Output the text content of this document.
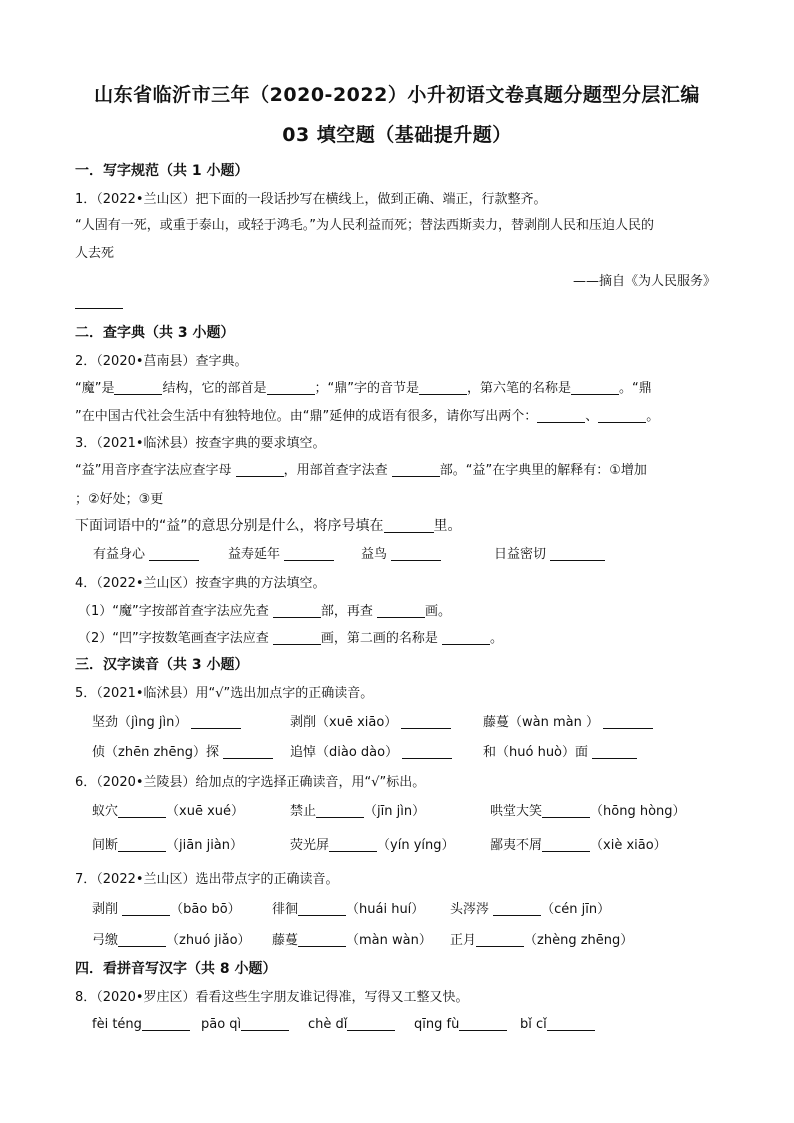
山东省临沂市三年（2020-2022）小升初语文卷真题分题型分层汇编
03 填空题（基础提升题）
一．写字规范（共 1 小题）
1．（2022•兰山区）把下面的一段话抄写在横线上，做到正确、端正，行款整齐。
“人固有一死，或重于泰山，或轻于鸿毛。”为人民利益而死；替法西斯卖力，替剥削人民和压迫人民的
人去死
——摘自《为人民服务》
二．查字典（共 3 小题）
2．（2020•莒南县）查字典。
“魔”是	结构，它的部首是	；“鼎”字的音节是	，第六笔的名称是	。“鼎
”在中国古代社会生活中有独特地位。由“鼎”延伸的成语有很多，请你写出两个：	、	。
3．（2021•临沭县）按查字典的要求填空。
“益”用音序查字法应查字母	，用部首查字法查	部。“益”在字典里的解释有：①增加
；②好处；③更
下面词语中的“益”的意思分别是什么，将序号填在	里。
有益身心	益寿延年	益鸟	日益密切
4．（2022•兰山区）按查字典的方法填空。
（1）“魔”字按部首查字法应先查	部，再查	画。
（2）“凹”字按数笔画查字法应查	画，第二画的名称是	。
三．汉字读音（共 3 小题）
5．（2021•临沭县）用“√”选出加点字的正确读音。
坚劲（jìng jìn）	剥削（xuē xiāo）	藤蔓（wàn màn ）
侦（zhēn zhēng）探	追悼（diào dào）	和（huó huò）面
6．（2020•兰陵县）给加点的字选择正确读音，用“√”标出。
蚁穴	（xuē xué）	禁止	（jīn jìn）	哄堂大笑	（hōng hòng）
间断	（jiān jiàn）	荧光屏	（yín yíng）	鄙夷不屑	（xiè xiāo）
7．（2022•兰山区）选出带点字的正确读音。
剥削	（bāo bō） 徘徊	（huái huí） 头涔涔	（cén jīn）
弓缴	（zhuó jiǎo） 藤蔓	（màn wàn） 正月	（zhèng zhēng）
四．看拼音写汉字（共 8 小题）
8．（2020•罗庄区）看看这些生字朋友谁记得准，写得又工整又快。
fèi téng	pāo qì	chè dǐ	qīng fù	bǐ cǐ
